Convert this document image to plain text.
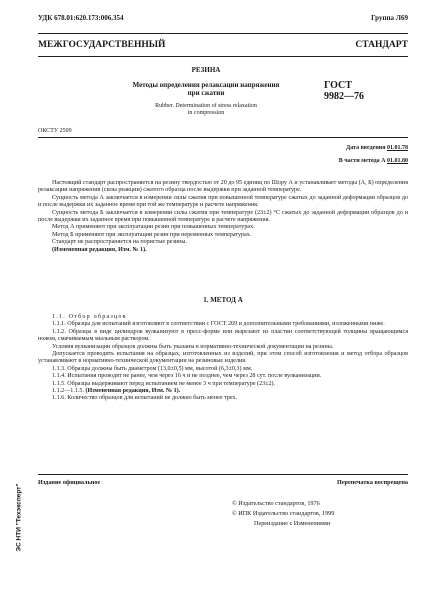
УДК 678.01:620.173:006.354	Группа Л69
МЕЖГОСУДАРСТВЕННЫЙ СТАНДАРТ
РЕЗИНА
Методы определения релаксации напряжения
при сжатии
Rubber. Determination of stress relaxation
in compression
ГОСТ
9982—76
ОКСТУ 2509
Дата введения 01.01.78
В части метода А 01.01.80

Настоящий стандарт распространяется на резину твердостью от 20 до 95 единиц по Шору А и устанавливает методы (А, Б) определения релаксации напряжения (силы реакции) сжатого образца после выдержки при заданной температуре.

Сущность метода А заключается в измерении силы сжатия при повышенной температуре сжатых до заданной деформации образцов до и после выдержки их заданное время при той же температуре и расчете напряжения.

Сущность метода Б заключается в измерении силы сжатия при температуре (23±2) °С сжатых до заданной деформации образцов до и после выдержки их заданное время при повышенной температуре и расчете напряжения.

Метод А применяют при эксплуатации резин при повышенных температурах.

Метод Б применяют при эксплуатации резин при переменных температурах.

Стандарт не распространяется на пористые резины.

(Измененная редакция, Изм. № 1).

1. МЕТОД А

1.1. Отбор образцов

1.1.1. Образцы для испытаний изготовляют в соответствии с ГОСТ 269 и дополнительными требованиями, изложенными ниже.

1.1.2. Образцы в виде цилиндров вулканизуют в пресс-форме или вырезают из пластин соответствующей толщины вращающимся ножом, смачиваемым мыльным раствором.

Условия вулканизации образцов должны быть указаны в нормативно-технической документации на резины.

Допускается проводить испытания на образцах, изготовленных из изделий, при этом способ изготовления и метод отбора образцов устанавливают в нормативно-технической документации на резиновые изделия.

1.1.3. Образцы должны быть диаметром (13,0±0,5) мм, высотой (6,3±0,3) мм.

1.1.4. Испытания проводят не ранее, чем через 16 ч и не позднее, чем через 28 сут. после вулканизации.

1.1.5. Образцы выдерживают перед испытанием не менее 3 ч при температуре (23±2).

1.1.2—1.1.5. (Измененная редакция, Изм. № 1).

1.1.6. Количество образцов для испытаний не должно быть менее трех.

Издание официальное	Перепечатка воспрещена
© Издательство стандартов, 1976
© ИПК Издательство стандартов, 1999
Переиздание с Изменениями
ЭС НТИ "Техэксперт"
